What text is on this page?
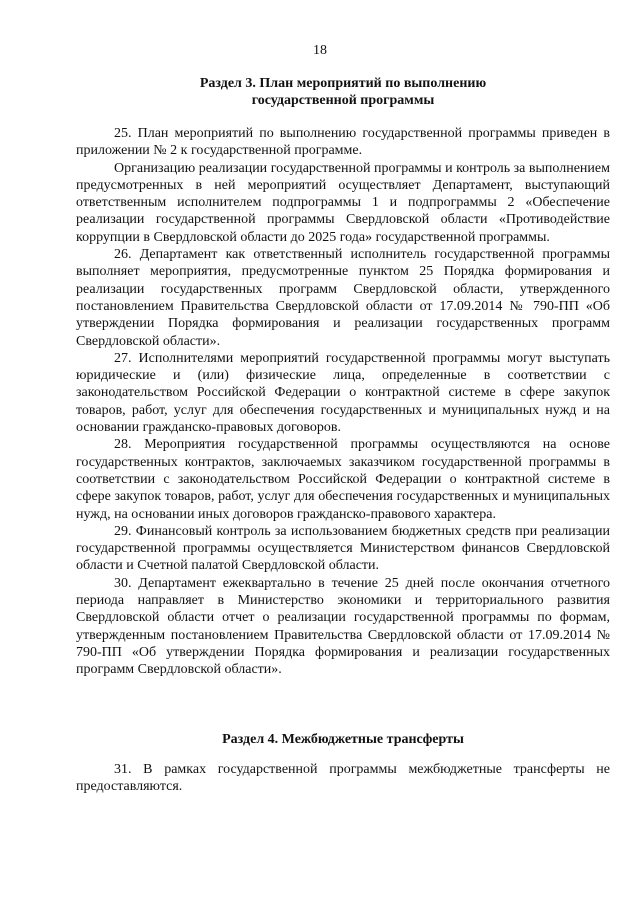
18
Раздел 3. План мероприятий по выполнению
государственной программы

25. План мероприятий по выполнению государственной программы приведен в приложении № 2 к государственной программе.

Организацию реализации государственной программы и контроль за выполнением предусмотренных в ней мероприятий осуществляет Департамент, выступающий ответственным исполнителем подпрограммы 1 и подпрограммы 2 «Обеспечение реализации государственной программы Свердловской области «Противодействие коррупции в Свердловской области до 2025 года» государственной программы.

26. Департамент как ответственный исполнитель государственной программы выполняет мероприятия, предусмотренные пунктом 25 Порядка формирования и реализации государственных программ Свердловской области, утвержденного постановлением Правительства Свердловской области от 17.09.2014 № 790-ПП «Об утверждении Порядка формирования и реализации государственных программ Свердловской области».

27. Исполнителями мероприятий государственной программы могут выступать юридические и (или) физические лица, определенные в соответствии с законодательством Российской Федерации о контрактной системе в сфере закупок товаров, работ, услуг для обеспечения государственных и муниципальных нужд и на основании гражданско-правовых договоров.

28. Мероприятия государственной программы осуществляются на основе государственных контрактов, заключаемых заказчиком государственной программы в соответствии с законодательством Российской Федерации о контрактной системе в сфере закупок товаров, работ, услуг для обеспечения государственных и муниципальных нужд, на основании иных договоров гражданско-правового характера.

29. Финансовый контроль за использованием бюджетных средств при реализации государственной программы осуществляется Министерством финансов Свердловской области и Счетной палатой Свердловской области.

30. Департамент ежеквартально в течение 25 дней после окончания отчетного периода направляет в Министерство экономики и территориального развития Свердловской области отчет о реализации государственной программы по формам, утвержденным постановлением Правительства Свердловской области от 17.09.2014 № 790-ПП «Об утверждении Порядка формирования и реализации государственных программ Свердловской области».

Раздел 4. Межбюджетные трансферты

31. В рамках государственной программы межбюджетные трансферты не предоставляются.
